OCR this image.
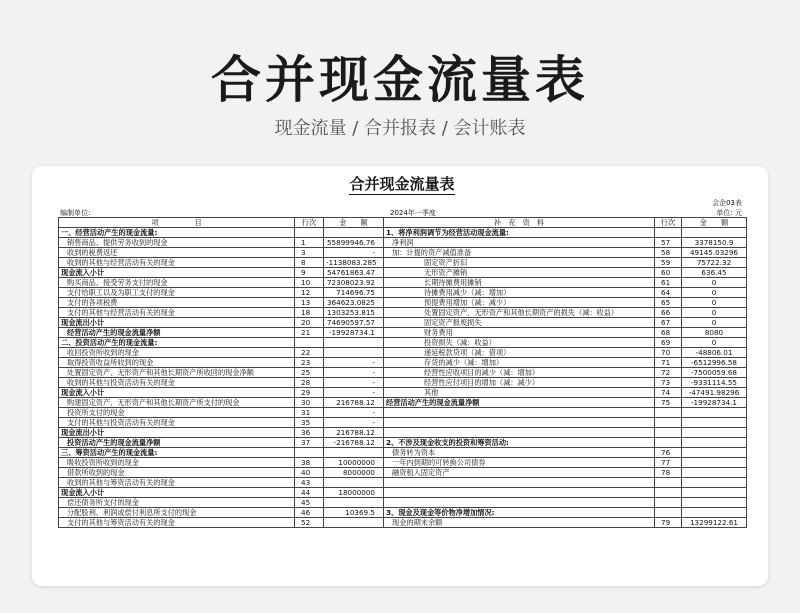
合并现金流量表
现金流量 / 合并报表 / 会计账表
合并现金流量表
会企03表
编制单位:	2024年一季度	单位: 元
项　　　　　目	行次	金　　额	补　充　资　料	行次	金　　额
一、经营活动产生的现金流量:			1、将净利润调节为经营活动现金流量:		
销售商品、提供劳务收到的现金	1	55899946.76	净利润	57	3378150.9
收到的税费返还	3	-	加：计提的资产减值准备	58	49145.03296
收到的其他与经营活动有关的现金	8	-1138083.285	固定资产折旧	59	75722.32
现金流入小计	9	54761863.47	无形资产摊销	60	636.45
购买商品、接受劳务支付的现金	10	72308023.92	长期待摊费用摊销	61	0
支付给职工以及为职工支付的现金	12	714696.75	待摊费用减少（减：增加）	64	0
支付的各项税费	13	364623.0825	预提费用增加（减：减少）	65	0
支付的其他与经营活动有关的现金	18	1303253.815	处置固定资产、无形资产和其他长期资产的损失（减：收益）	66	0
现金流出小计	20	74690597.57	固定资产报废损失	67	0
经营活动产生的现金流量净额	21	-19928734.1	财务费用	68	8080
二、投资活动产生的现金流量:			投资损失（减：收益）	69	0
收回投资所收到的现金	22		递延税款贷项（减：借项）	70	-48806.01
取得投资收益所收到的现金	23	-	存货的减少（减：增加）	71	-6512996.58
处置固定资产、无形资产和其他长期资产所收回的现金净额	25	-	经营性应收项目的减少（减：增加）	72	-7500059.68
收到的其他与投资活动有关的现金	28	-	经营性应付项目的增加（减：减少）	73	-9331114.55
现金流入小计	29	-	其他	74	-47491.98296
购建固定资产、无形资产和其他长期资产所支付的现金	30	216788.12	经营活动产生的现金流量净额	75	-19928734.1
投资所支付的现金	31	-			
支付的其他与投资活动有关的现金	35	-			
现金流出小计	36	216788.12			
投资活动产生的现金流量净额	37	-216788.12	2、不涉及现金收支的投资和筹资活动:		
三、筹资活动产生的现金流量:			债务转为资本	76	
吸收投资所收到的现金	38	10000000	一年内到期的可转换公司债券	77	
借款所收到的现金	40	8000000	融资租入固定资产	78	
收到的其他与筹资活动有关的现金	43				
现金流入小计	44	18000000			
偿还债务所支付的现金	45				
分配股利、利润或偿付利息所支付的现金	46	10369.5	3、现金及现金等价物净增加情况:		
支付的其他与筹资活动有关的现金	52		现金的期末余额	79	13299122.61
